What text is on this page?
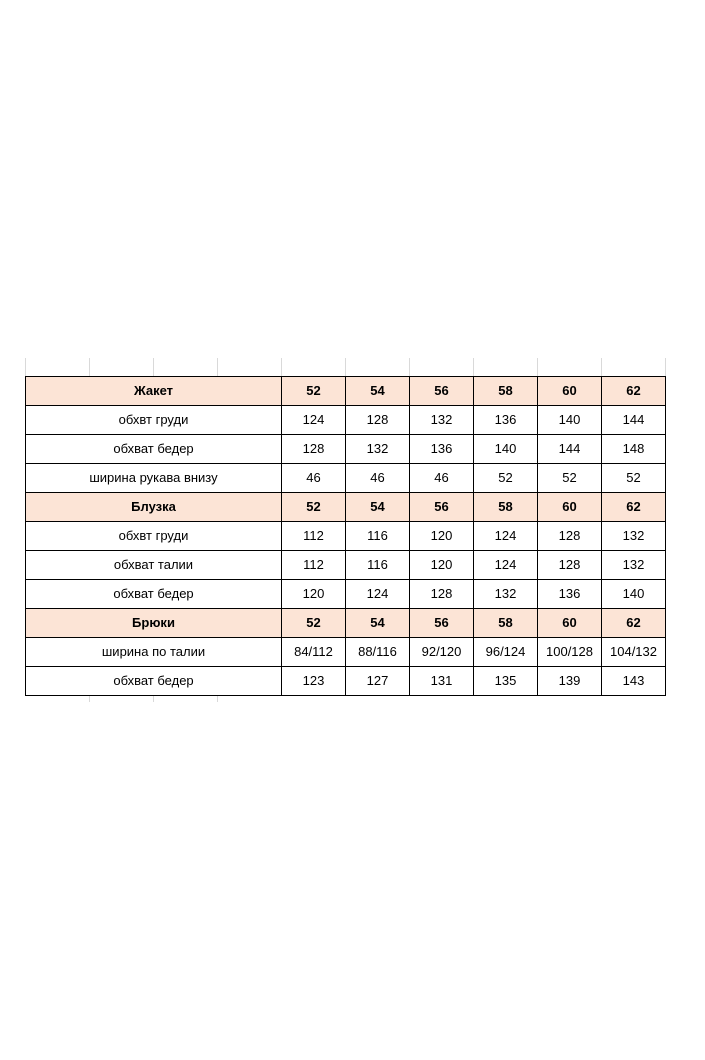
Жакет	52	54	56	58	60	62
обхвт груди	124	128	132	136	140	144
обхват бедер	128	132	136	140	144	148
ширина рукава внизу	46	46	46	52	52	52
Блузка	52	54	56	58	60	62
обхвт груди	112	116	120	124	128	132
обхват талии	112	116	120	124	128	132
обхват бедер	120	124	128	132	136	140
Брюки	52	54	56	58	60	62
ширина по талии	84/112	88/116	92/120	96/124	100/128	104/132
обхват бедер	123	127	131	135	139	143
